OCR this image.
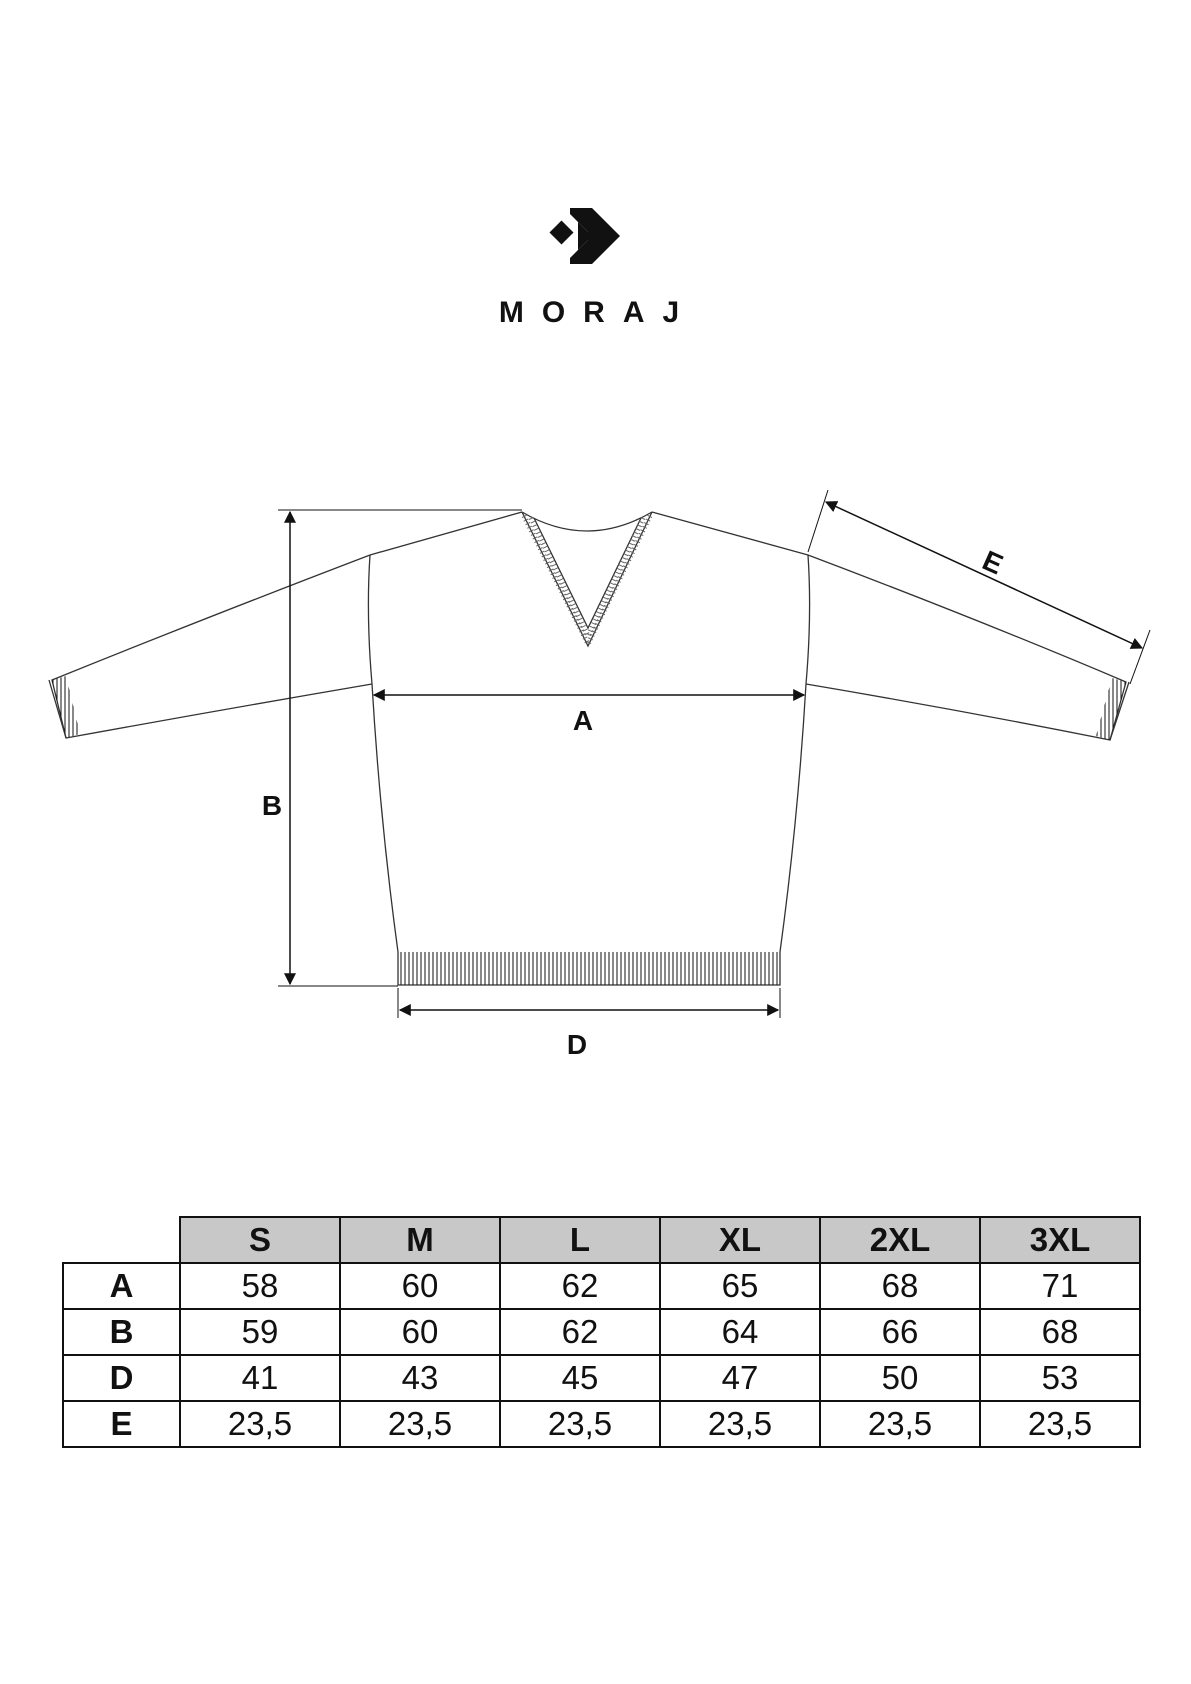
MORAJ
A
B
D
E
	S	M	L	XL	2XL	3XL
A	58	60	62	65	68	71
B	59	60	62	64	66	68
D	41	43	45	47	50	53
E	23,5	23,5	23,5	23,5	23,5	23,5
